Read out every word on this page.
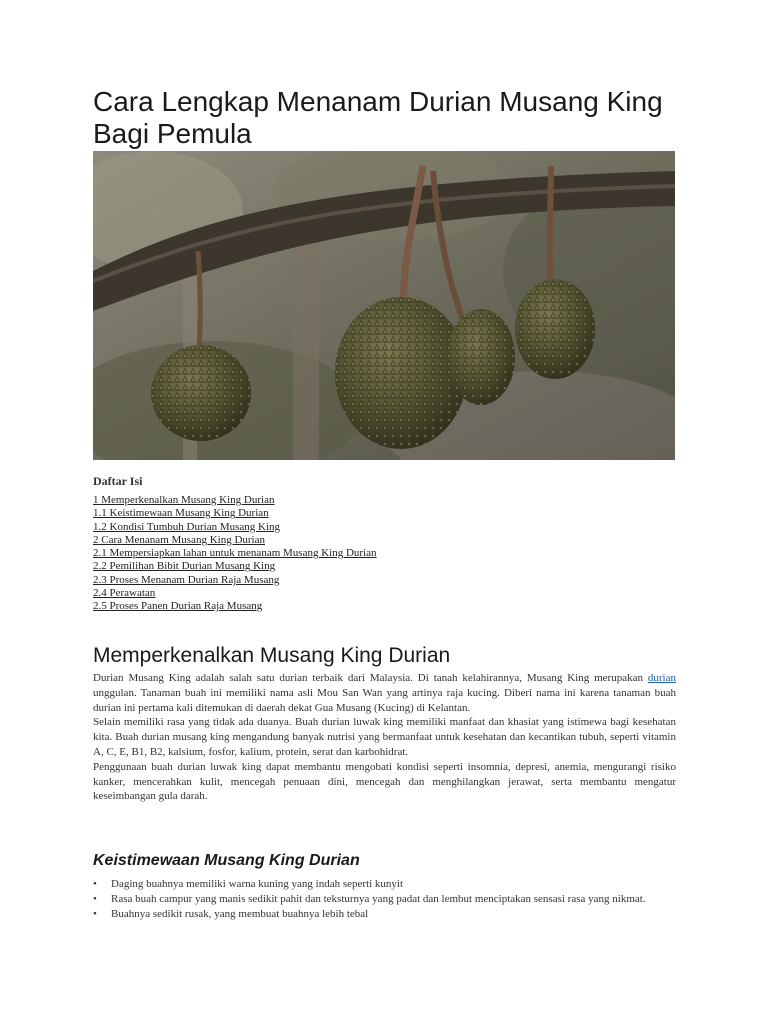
Cara Lengkap Menanam Durian Musang King Bagi Pemula
Daftar Isi
1 Memperkenalkan Musang King Durian
1.1 Keistimewaan Musang King Durian
1.2 Kondisi Tumbuh Durian Musang King
2 Cara Menanam Musang King Durian
2.1 Mempersiapkan lahan untuk menanam Musang King Durian
2.2 Pemilihan Bibit Durian Musang King
2.3 Proses Menanam Durian Raja Musang
2.4 Perawatan
2.5 Proses Panen Durian Raja Musang
Memperkenalkan Musang King Durian

Durian Musang King adalah salah satu durian terbaik dari Malaysia. Di tanah kelahirannya, Musang King merupakan durian unggulan. Tanaman buah ini memiliki nama asli Mou San Wan yang artinya raja kucing. Diberi nama ini karena tanaman buah durian ini pertama kali ditemukan di daerah dekat Gua Musang (Kucing) di Kelantan.

Selain memiliki rasa yang tidak ada duanya. Buah durian luwak king memiliki manfaat dan khasiat yang istimewa bagi kesehatan kita. Buah durian musang king mengandung banyak nutrisi yang bermanfaat untuk kesehatan dan kecantikan tubuh, seperti vitamin A, C, E, B1, B2, kalsium, fosfor, kalium, protein, serat dan karbohidrat.

Penggunaan buah durian luwak king dapat membantu mengobati kondisi seperti insomnia, depresi, anemia, mengurangi risiko kanker, mencerahkan kulit, mencegah penuaan dini, mencegah dan menghilangkan jerawat, serta membantu mengatur keseimbangan gula darah.

Keistimewaan Musang King Durian
• Daging buahnya memiliki warna kuning yang indah seperti kunyit
• Rasa buah campur yang manis sedikit pahit dan teksturnya yang padat dan lembut menciptakan sensasi rasa yang nikmat.
• Buahnya sedikit rusak, yang membuat buahnya lebih tebal
